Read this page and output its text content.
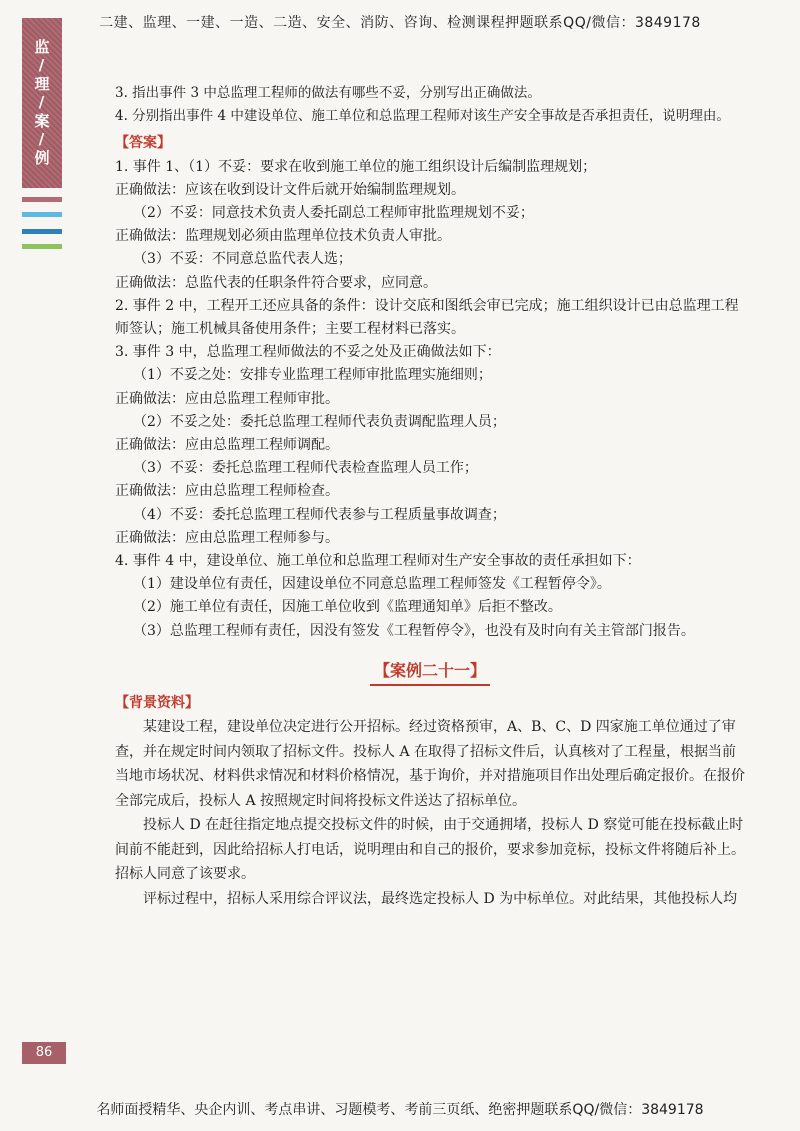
二建、监理、一建、一造、二造、安全、消防、咨询、检测课程押题联系QQ/微信：3849178
监/理/案/例	3. 指出事件 3 中总监理工程师的做法有哪些不妥，分别写出正确做法。

4. 分别指出事件 4 中建设单位、施工单位和总监理工程师对该生产安全事故是否承担责任，说明理由。

【答案】

1. 事件 1、（1）不妥：要求在收到施工单位的施工组织设计后编制监理规划；

正确做法：应该在收到设计文件后就开始编制监理规划。

（2）不妥：同意技术负责人委托副总工程师审批监理规划不妥；

正确做法：监理规划必须由监理单位技术负责人审批。

（3）不妥：不同意总监代表人选；

正确做法：总监代表的任职条件符合要求，应同意。

2. 事件 2 中，工程开工还应具备的条件：设计交底和图纸会审已完成；施工组织设计已由总监理工程师签认；施工机械具备使用条件；主要工程材料已落实。

3. 事件 3 中，总监理工程师做法的不妥之处及正确做法如下：

（1）不妥之处：安排专业监理工程师审批监理实施细则；

正确做法：应由总监理工程师审批。

（2）不妥之处：委托总监理工程师代表负责调配监理人员；

正确做法：应由总监理工程师调配。

（3）不妥：委托总监理工程师代表检查监理人员工作；

正确做法：应由总监理工程师检查。

（4）不妥：委托总监理工程师代表参与工程质量事故调查；

正确做法：应由总监理工程师参与。

4. 事件 4 中，建设单位、施工单位和总监理工程师对生产安全事故的责任承担如下：

（1）建设单位有责任，因建设单位不同意总监理工程师签发《工程暂停令》。

（2）施工单位有责任，因施工单位收到《监理通知单》后拒不整改。

（3）总监理工程师有责任，因没有签发《工程暂停令》，也没有及时向有关主管部门报告。

【案例二十一】

【背景资料】

某建设工程，建设单位决定进行公开招标。经过资格预审，A、B、C、D 四家施工单位通过了审查，并在规定时间内领取了招标文件。投标人 A 在取得了招标文件后，认真核对了工程量，根据当前当地市场状况、材料供求情况和材料价格情况，基于询价，并对措施项目作出处理后确定报价。在报价全部完成后，投标人 A 按照规定时间将投标文件送达了招标单位。

投标人 D 在赶往指定地点提交投标文件的时候，由于交通拥堵，投标人 D 察觉可能在投标截止时间前不能赶到，因此给招标人打电话，说明理由和自己的报价，要求参加竞标，投标文件将随后补上。招标人同意了该要求。

评标过程中，招标人采用综合评议法，最终选定投标人 D 为中标单位。对此结果，其他投标人均

86
名师面授精华、央企内训、考点串讲、习题模考、考前三页纸、绝密押题联系QQ/微信：3849178
